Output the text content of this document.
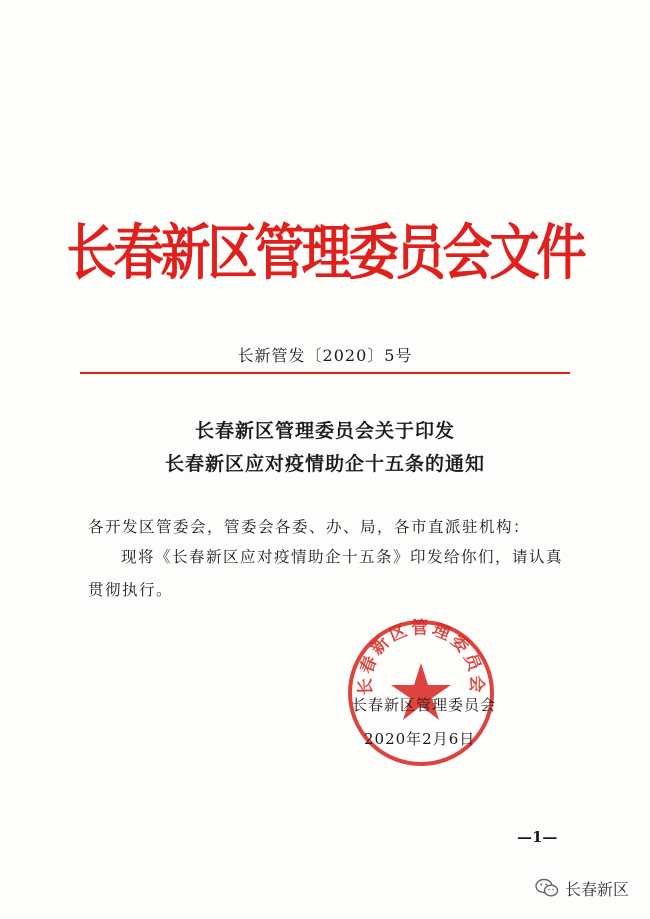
长春新区管理委员会文件
长新管发〔2020〕5号
长春新区管理委员会关于印发
长春新区应对疫情助企十五条的通知
各开发区管委会，管委会各委、办、局，各市直派驻机构：
现将《长春新区应对疫情助企十五条》印发给你们，请认真
贯彻执行。
长春新区管理委员会
长春新区管理委员会
2020年2月6日
—1—
长春新区
